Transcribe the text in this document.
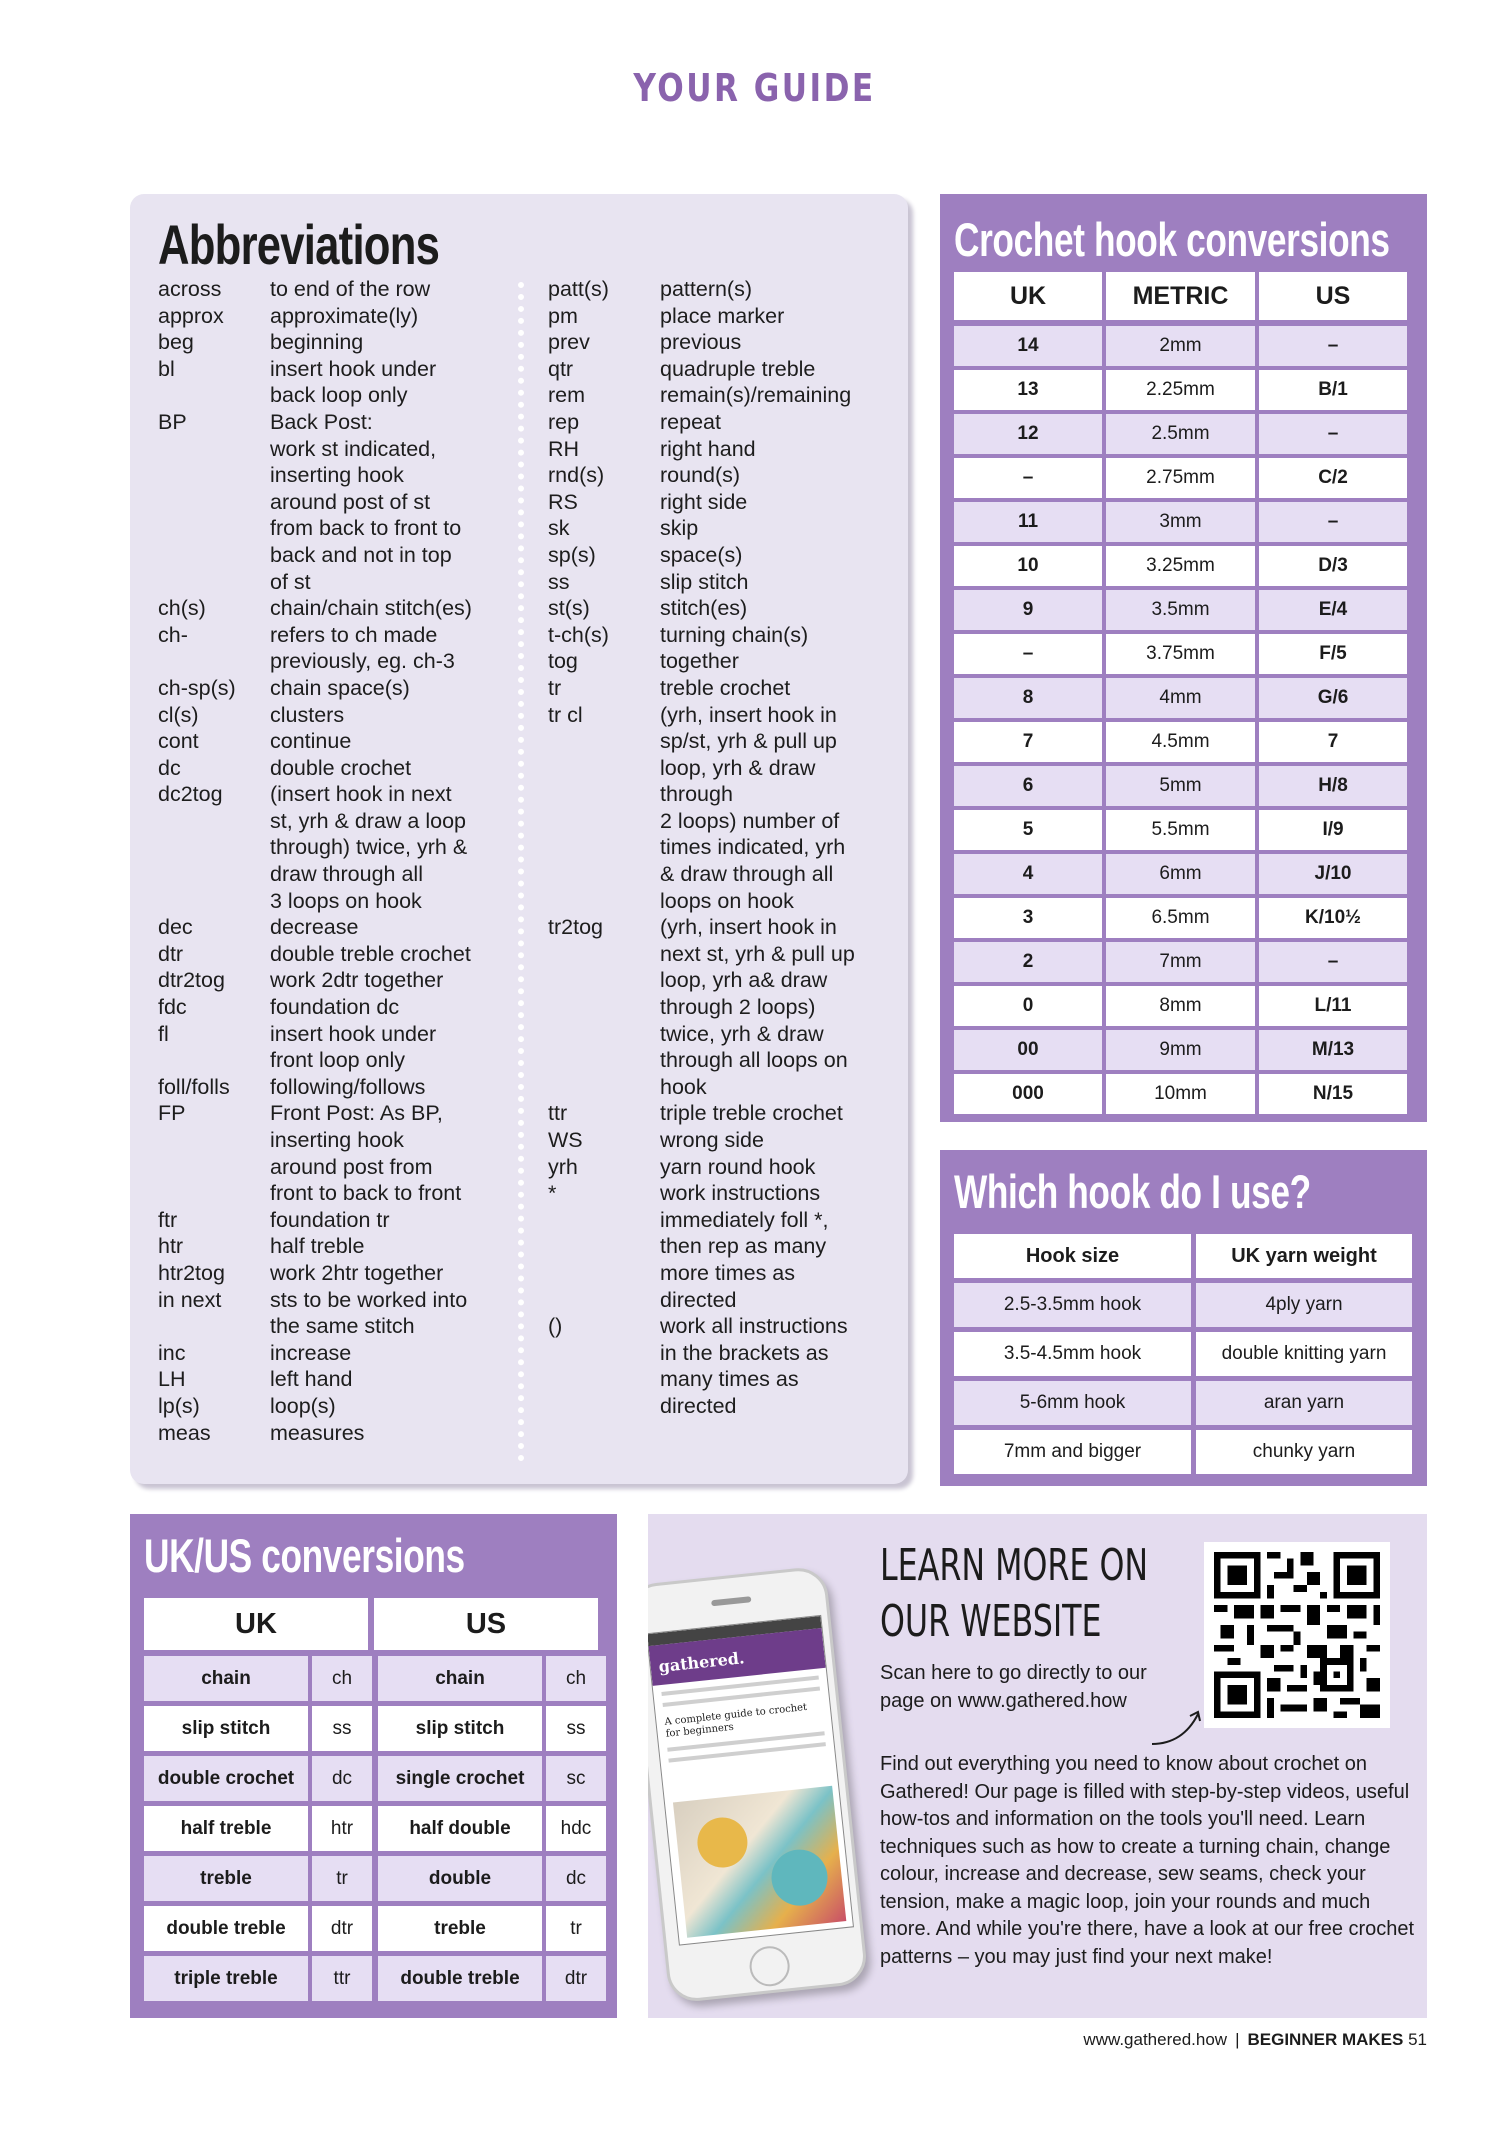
YOUR GUIDE
Abbreviations
across	to end of the row
approx	approximate(ly)
beg	beginning
bl	insert hook under
back loop only
BP	Back Post:
work st indicated,
inserting hook
around post of st
from back to front to
back and not in top
of st
ch(s)	chain/chain stitch(es)
ch-	refers to ch made
previously, eg. ch-3
ch-sp(s)	chain space(s)
cl(s)	clusters
cont	continue
dc	double crochet
dc2tog	(insert hook in next
st, yrh & draw a loop
through) twice, yrh &
draw through all
3 loops on hook
dec	decrease
dtr	double treble crochet
dtr2tog	work 2dtr together
fdc	foundation dc
fl	insert hook under
front loop only
foll/folls	following/follows
FP	Front Post: As BP,
inserting hook
around post from
front to back to front
ftr	foundation tr
htr	half treble
htr2tog	work 2htr together
in next	sts to be worked into
the same stitch
inc	increase
LH	left hand
lp(s)	loop(s)
meas	measures
patt(s)	pattern(s)
pm	place marker
prev	previous
qtr	quadruple treble
rem	remain(s)/remaining
rep	repeat
RH	right hand
rnd(s)	round(s)
RS	right side
sk	skip
sp(s)	space(s)
ss	slip stitch
st(s)	stitch(es)
t-ch(s)	turning chain(s)
tog	together
tr	treble crochet
tr cl	(yrh, insert hook in
sp/st, yrh & pull up
loop, yrh & draw
through
2 loops) number of
times indicated, yrh
& draw through all
loops on hook
tr2tog	(yrh, insert hook in
next st, yrh & pull up
loop, yrh a& draw
through 2 loops)
twice, yrh & draw
through all loops on
hook
ttr	triple treble crochet
WS	wrong side
yrh	yarn round hook
*	work instructions
immediately foll *,
then rep as many
more times as
directed
()	work all instructions
in the brackets as
many times as
directed
Crochet hook conversions
UK	METRIC	US
14	2mm	–
13	2.25mm	B/1
12	2.5mm	–
–	2.75mm	C/2
11	3mm	–
10	3.25mm	D/3
9	3.5mm	E/4
–	3.75mm	F/5
8	4mm	G/6
7	4.5mm	7
6	5mm	H/8
5	5.5mm	I/9
4	6mm	J/10
3	6.5mm	K/10½
2	7mm	–
0	8mm	L/11
00	9mm	M/13
000	10mm	N/15
Which hook do I use?
Hook size	UK yarn weight
2.5-3.5mm hook	4ply yarn
3.5-4.5mm hook	double knitting yarn
5-6mm hook	aran yarn
7mm and bigger	chunky yarn
UK/US conversions
UK	US
chain	ch	chain	ch
slip stitch	ss	slip stitch	ss
double crochet	dc	single crochet	sc
half treble	htr	half double	hdc
treble	tr	double	dc
double treble	dtr	treble	tr
triple treble	ttr	double treble	dtr
gathered.
A complete guide to crochet for beginners
LEARN MORE ON
OUR WEBSITE

Scan here to go directly to our page on www.gathered.how

Find out everything you need to know about crochet on Gathered! Our page is filled with step-by-step videos, useful how-tos and information on the tools you'll need. Learn techniques such as how to create a turning chain, change colour, increase and decrease, sew seams, check your tension, make a magic loop, join your rounds and much more. And while you're there, have a look at our free crochet patterns – you may just find your next make!

www.gathered.how | BEGINNER MAKES 51
